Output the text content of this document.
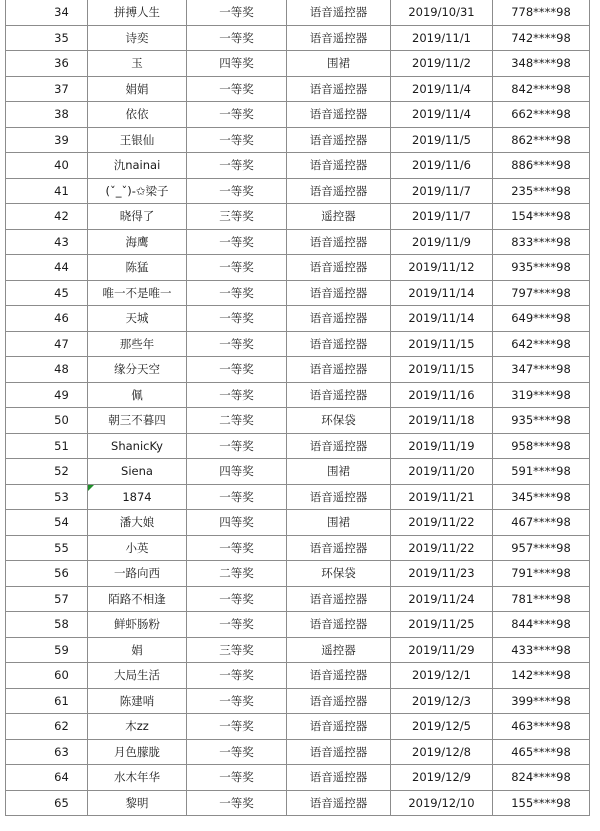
34	拼搏人生	一等奖	语音遥控器	2019/10/31	778****98
35	诗奕	一等奖	语音遥控器	2019/11/1	742****98
36	玉	四等奖	围裙	2019/11/2	348****98
37	娟娟	一等奖	语音遥控器	2019/11/4	842****98
38	依依	一等奖	语音遥控器	2019/11/4	662****98
39	王银仙	一等奖	语音遥控器	2019/11/5	862****98
40	氿nainai	一等奖	语音遥控器	2019/11/6	886****98
41	(ˇ_ˇ)-✩梁子	一等奖	语音遥控器	2019/11/7	235****98
42	晓得了	三等奖	遥控器	2019/11/7	154****98
43	海鹰	一等奖	语音遥控器	2019/11/9	833****98
44	陈猛	一等奖	语音遥控器	2019/11/12	935****98
45	唯一不是唯一	一等奖	语音遥控器	2019/11/14	797****98
46	天城	一等奖	语音遥控器	2019/11/14	649****98
47	那些年	一等奖	语音遥控器	2019/11/15	642****98
48	缘分天空	一等奖	语音遥控器	2019/11/15	347****98
49	佩	一等奖	语音遥控器	2019/11/16	319****98
50	朝三不暮四	二等奖	环保袋	2019/11/18	935****98
51	ShanicKy	一等奖	语音遥控器	2019/11/19	958****98
52	Siena	四等奖	围裙	2019/11/20	591****98
53	1874	一等奖	语音遥控器	2019/11/21	345****98
54	潘大娘	四等奖	围裙	2019/11/22	467****98
55	小英	一等奖	语音遥控器	2019/11/22	957****98
56	一路向西	二等奖	环保袋	2019/11/23	791****98
57	陌路不相逢	一等奖	语音遥控器	2019/11/24	781****98
58	鲜虾肠粉	一等奖	语音遥控器	2019/11/25	844****98
59	娟	三等奖	遥控器	2019/11/29	433****98
60	大局生活	一等奖	语音遥控器	2019/12/1	142****98
61	陈建哨	一等奖	语音遥控器	2019/12/3	399****98
62	木zz	一等奖	语音遥控器	2019/12/5	463****98
63	月色朦胧	一等奖	语音遥控器	2019/12/8	465****98
64	水木年华	一等奖	语音遥控器	2019/12/9	824****98
65	黎明	一等奖	语音遥控器	2019/12/10	155****98
